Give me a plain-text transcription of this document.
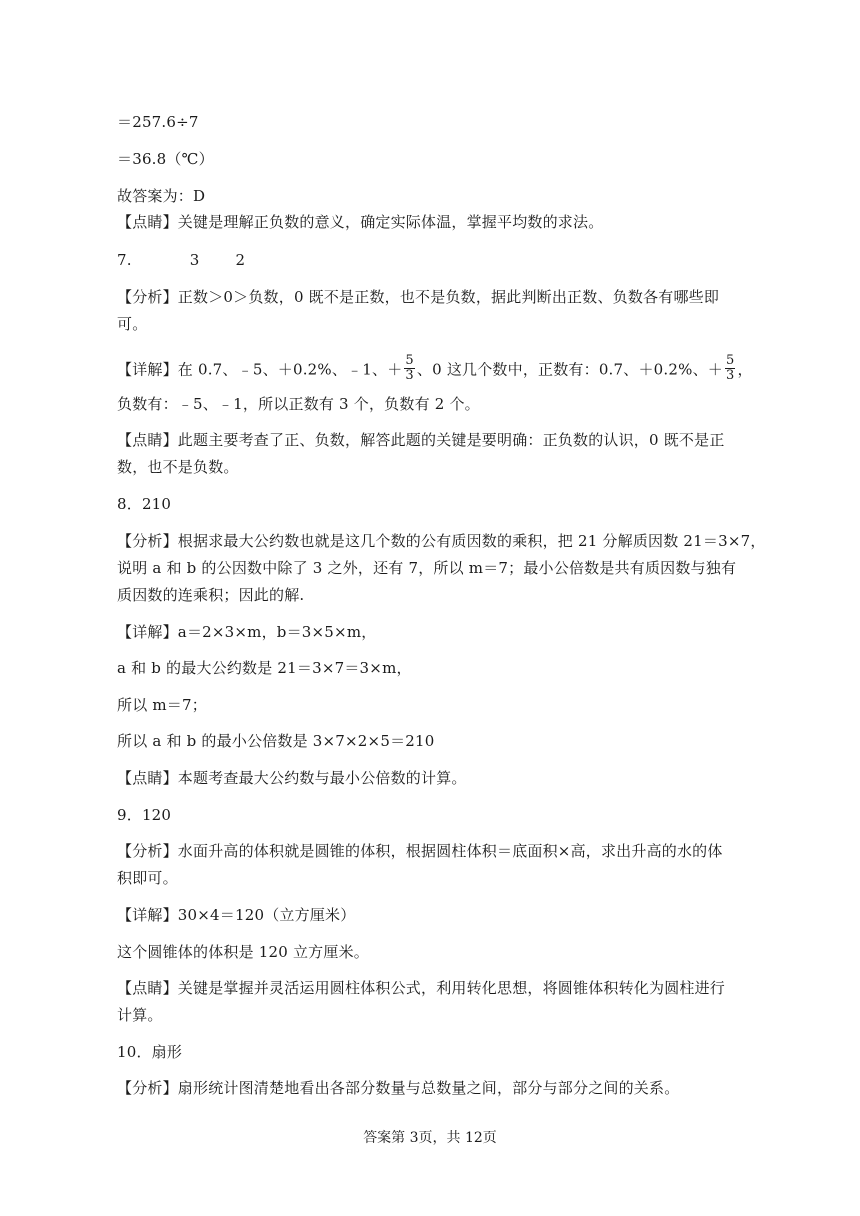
＝257.6÷7
＝36.8（℃）
故答案为：D
【点睛】关键是理解正负数的意义，确定实际体温，掌握平均数的求法。
7.	3 2
【分析】正数＞0＞负数，0 既不是正数，也不是负数，据此判断出正数、负数各有哪些即
可。
【详解】在 0.7、﹣5、＋0.2%、﹣1、＋ $\frac{5}{3}$ 、0 这几个数中，正数有：0.7、＋0.2%、＋ $\frac{5}{3}$ ，
负数有：﹣5、﹣1，所以正数有 3 个，负数有 2 个。
【点睛】此题主要考查了正、负数，解答此题的关键是要明确：正负数的认识，0 既不是正
数，也不是负数。
8．210
【分析】根据求最大公约数也就是这几个数的公有质因数的乘积，把 21 分解质因数 21＝3×7，
说明 a 和 b 的公因数中除了 3 之外，还有 7，所以 m＝7；最小公倍数是共有质因数与独有
质因数的连乘积；因此的解.
【详解】a＝2×3×m，b＝3×5×m，
a 和 b 的最大公约数是 21＝3×7＝3×m，
所以 m＝7；
所以 a 和 b 的最小公倍数是 3×7×2×5＝210
【点睛】本题考查最大公约数与最小公倍数的计算。
9．120
【分析】水面升高的体积就是圆锥的体积，根据圆柱体积＝底面积×高，求出升高的水的体
积即可。
【详解】30×4＝120（立方厘米）
这个圆锥体的体积是 120 立方厘米。
【点睛】关键是掌握并灵活运用圆柱体积公式，利用转化思想，将圆锥体积转化为圆柱进行
计算。
10．扇形
【分析】扇形统计图清楚地看出各部分数量与总数量之间，部分与部分之间的关系。
答案第 3页，共 12页
